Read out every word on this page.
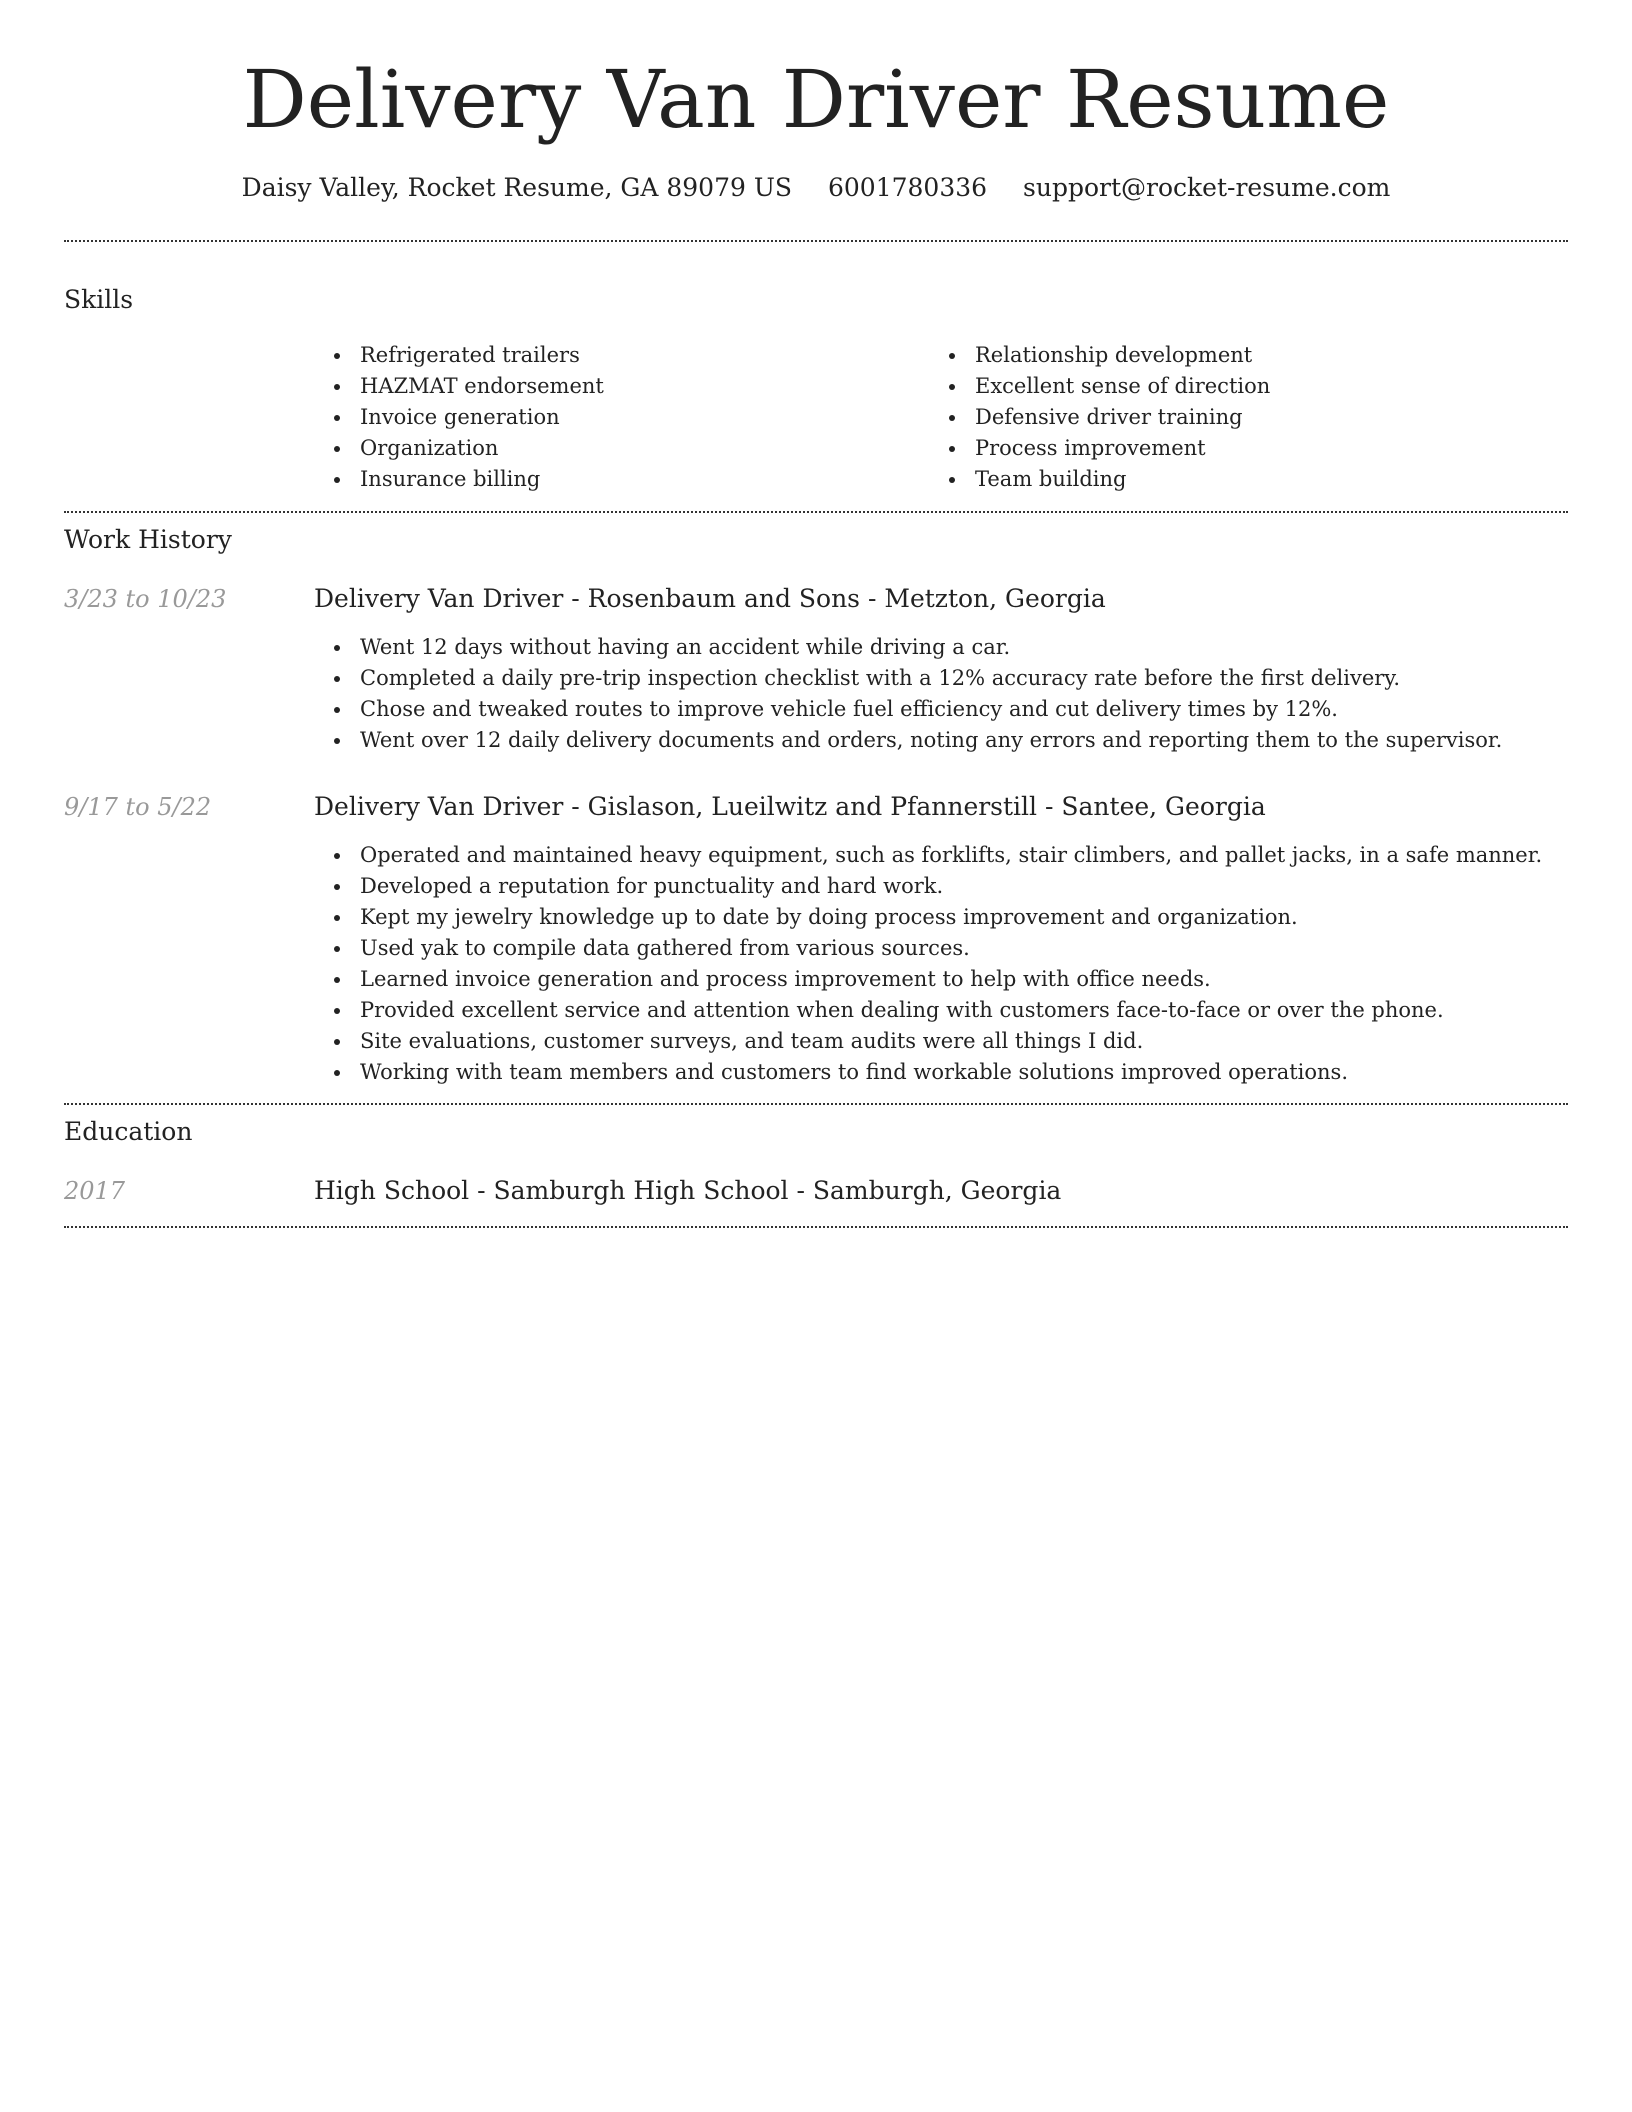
Delivery Van Driver Resume
Daisy Valley, Rocket Resume, GA 89079 US 6001780336 support@rocket-resume.com
Skills
Refrigerated trailers
HAZMAT endorsement
Invoice generation
Organization
Insurance billing
Relationship development
Excellent sense of direction
Defensive driver training
Process improvement
Team building
Work History
3/23 to 10/23	Delivery Van Driver - Rosenbaum and Sons - Metzton, Georgia
Went 12 days without having an accident while driving a car.
Completed a daily pre-trip inspection checklist with a 12% accuracy rate before the first delivery.
Chose and tweaked routes to improve vehicle fuel efficiency and cut delivery times by 12%.
Went over 12 daily delivery documents and orders, noting any errors and reporting them to the supervisor.
9/17 to 5/22	Delivery Van Driver - Gislason, Lueilwitz and Pfannerstill - Santee, Georgia
Operated and maintained heavy equipment, such as forklifts, stair climbers, and pallet jacks, in a safe manner.
Developed a reputation for punctuality and hard work.
Kept my jewelry knowledge up to date by doing process improvement and organization.
Used yak to compile data gathered from various sources.
Learned invoice generation and process improvement to help with office needs.
Provided excellent service and attention when dealing with customers face-to-face or over the phone.
Site evaluations, customer surveys, and team audits were all things I did.
Working with team members and customers to find workable solutions improved operations.
Education
2017	High School - Samburgh High School - Samburgh, Georgia
